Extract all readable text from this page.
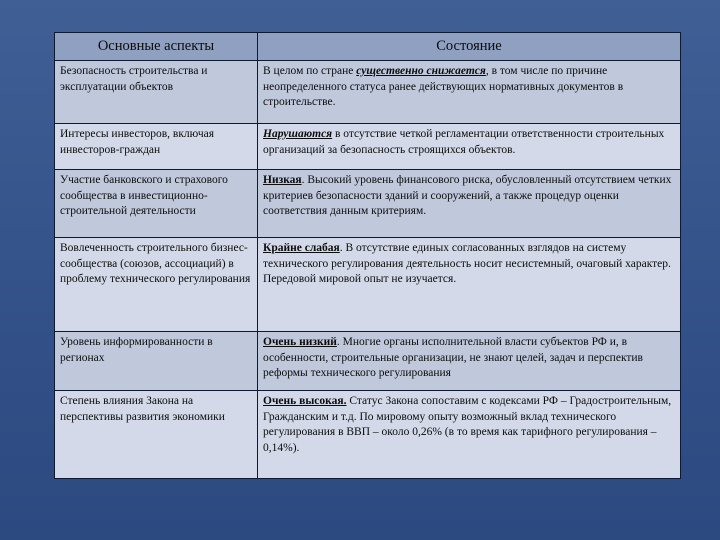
Основные аспекты	Состояние
Безопасность строительства и эксплуатации объектов	В целом по стране существенно снижается, в том числе по причине неопределенного статуса ранее действующих нормативных документов в строительстве.
Интересы инвесторов, включая инвесторов-граждан	Нарушаются в отсутствие четкой регламентации ответственности строительных организаций за безопасность строящихся объектов.
Участие банковского и страхового сообщества в инвестиционно-строительной деятельности	Низкая. Высокий уровень финансового риска, обусловленный отсутствием четких критериев безопасности зданий и сооружений, а также процедур оценки соответствия данным критериям.
Вовлеченность строительного бизнес-сообщества (союзов, ассоциаций) в проблему технического регулирования	Крайне слабая. В отсутствие единых согласованных взглядов на систему технического регулирования деятельность носит несистемный, очаговый характер. Передовой мировой опыт не изучается.
Уровень информированности в регионах	Очень низкий. Многие органы исполнительной власти субъектов РФ и, в особенности, строительные организации, не знают целей, задач и перспектив реформы технического регулирования
Степень влияния Закона на перспективы развития экономики	Очень высокая. Статус Закона сопоставим с кодексами РФ – Градостроительным, Гражданским и т.д. По мировому опыту возможный вклад технического регулирования в ВВП – около 0,26% (в то время как тарифного регулирования – 0,14%).
